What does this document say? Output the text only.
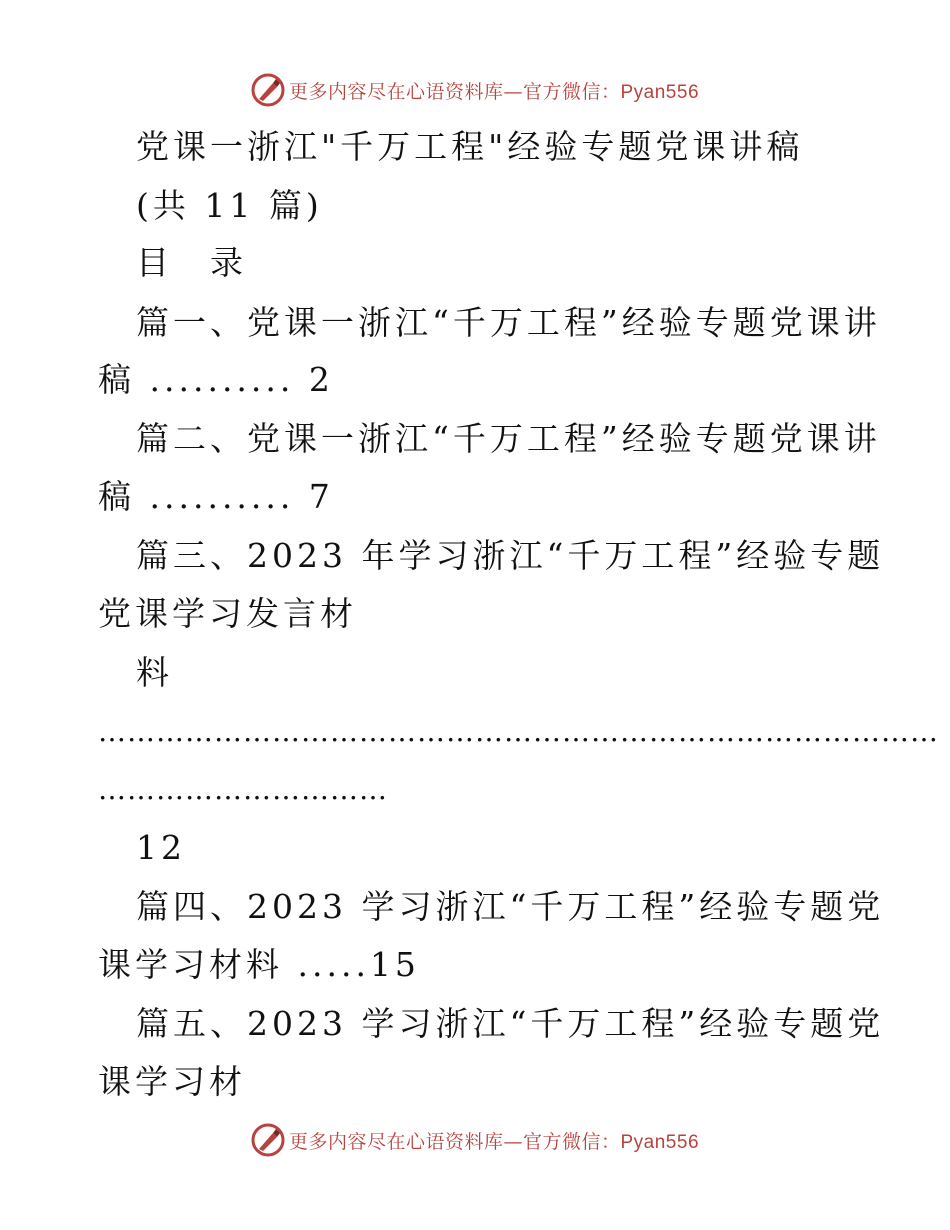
更多内容尽在心语资料库—官方微信：Pyan556
党课一浙江"千万工程"经验专题党课讲稿
(共 11 篇)
目　录
篇一、党课一浙江“千万工程”经验专题党课讲
稿 .......... 2
篇二、党课一浙江“千万工程”经验专题党课讲
稿 .......... 7
篇三、2023 年学习浙江“千万工程”经验专题
党课学习发言材
料
……………………………………………………………………………
…………………………
12
篇四、2023 学习浙江“千万工程”经验专题党
课学习材料 .....15
篇五、2023 学习浙江“千万工程”经验专题党
课学习材
更多内容尽在心语资料库—官方微信：Pyan556
